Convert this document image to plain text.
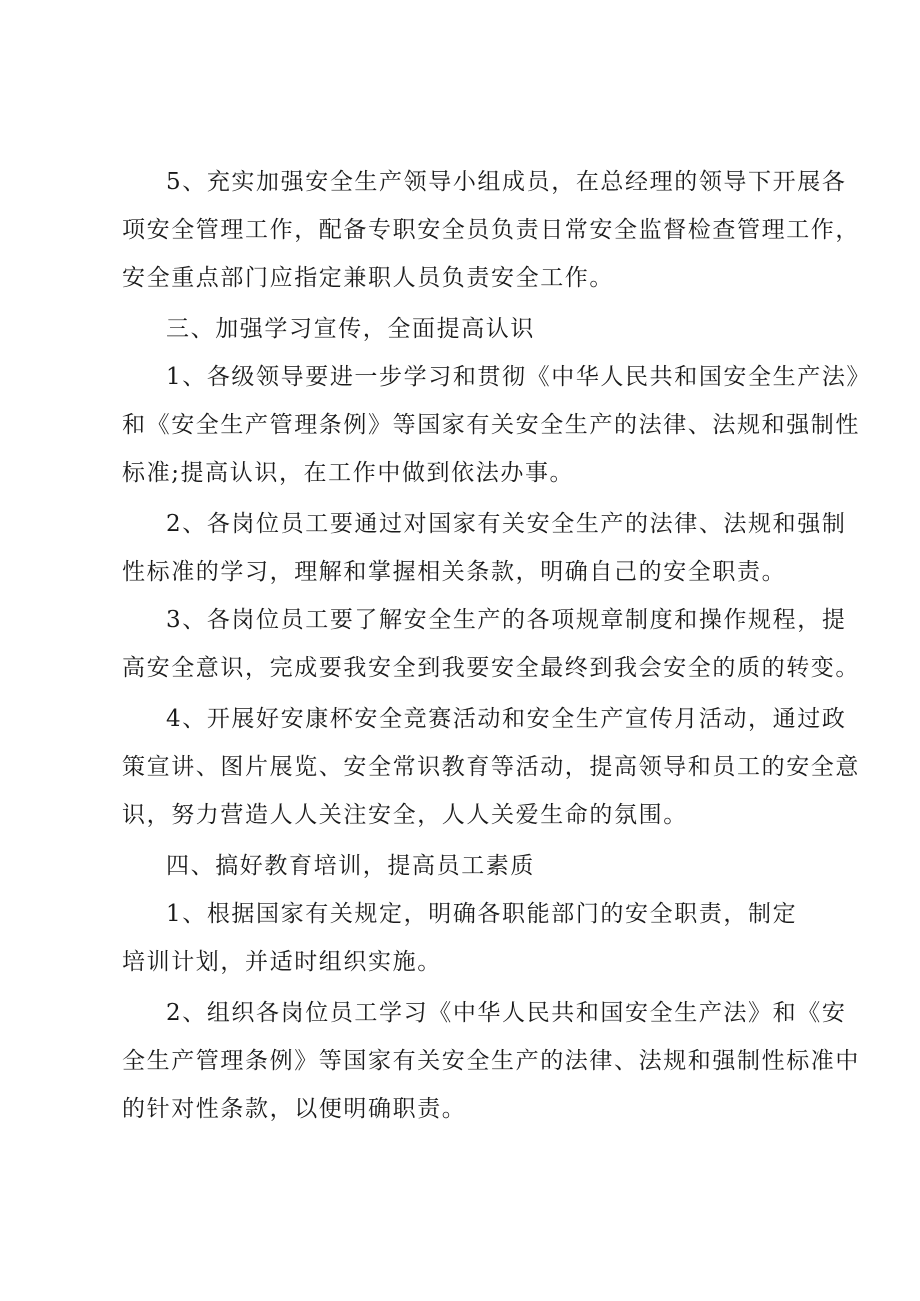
5、充实加强安全生产领导小组成员，在总经理的领导下开展各
项安全管理工作，配备专职安全员负责日常安全监督检查管理工作，
安全重点部门应指定兼职人员负责安全工作。
三、加强学习宣传，全面提高认识
1、各级领导要进一步学习和贯彻《中华人民共和国安全生产法》
和《安全生产管理条例》等国家有关安全生产的法律、法规和强制性
标准;提高认识，在工作中做到依法办事。
2、各岗位员工要通过对国家有关安全生产的法律、法规和强制
性标准的学习，理解和掌握相关条款，明确自己的安全职责。
3、各岗位员工要了解安全生产的各项规章制度和操作规程，提
高安全意识，完成要我安全到我要安全最终到我会安全的质的转变。
4、开展好安康杯安全竞赛活动和安全生产宣传月活动，通过政
策宣讲、图片展览、安全常识教育等活动，提高领导和员工的安全意
识，努力营造人人关注安全，人人关爱生命的氛围。
四、搞好教育培训，提高员工素质
1、根据国家有关规定，明确各职能部门的安全职责，制定
培训计划，并适时组织实施。
2、组织各岗位员工学习《中华人民共和国安全生产法》和《安
全生产管理条例》等国家有关安全生产的法律、法规和强制性标准中
的针对性条款，以便明确职责。
